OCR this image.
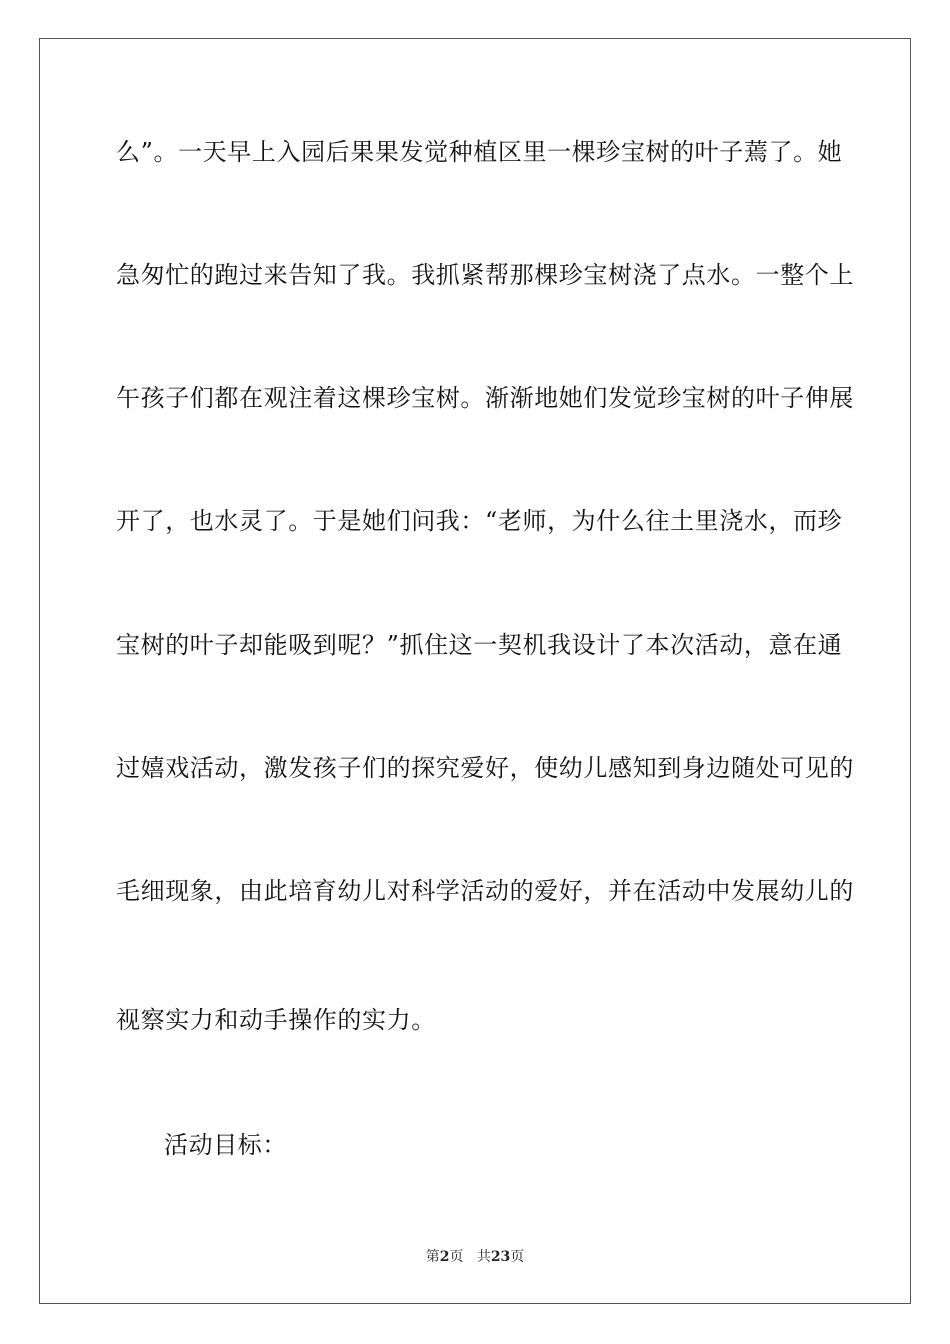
么”。一天早上入园后果果发觉种植区里一棵珍宝树的叶子蔫了。她
急匆忙的跑过来告知了我。我抓紧帮那棵珍宝树浇了点水。一整个上
午孩子们都在观注着这棵珍宝树。渐渐地她们发觉珍宝树的叶子伸展
开了，也水灵了。于是她们问我：“老师，为什么往土里浇水，而珍
宝树的叶子却能吸到呢？”抓住这一契机我设计了本次活动，意在通
过嬉戏活动，激发孩子们的探究爱好，使幼儿感知到身边随处可见的
毛细现象，由此培育幼儿对科学活动的爱好，并在活动中发展幼儿的
视察实力和动手操作的实力。
活动目标：
第2页 共23页
